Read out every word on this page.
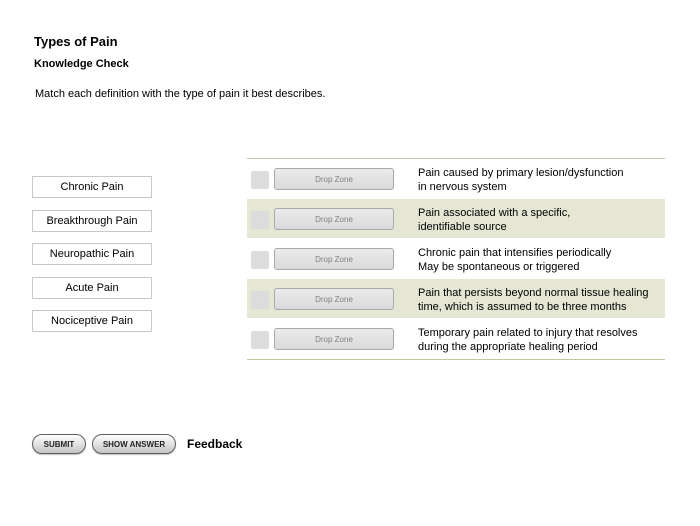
Types of Pain
Knowledge Check
Match each definition with the type of pain it best describes.
Chronic Pain
Breakthrough Pain
Neuropathic Pain
Acute Pain
Nociceptive Pain
Drop Zone	Pain caused by primary lesion/dysfunction
in nervous system
Drop Zone	Pain associated with a specific,
identifiable source
Drop Zone	Chronic pain that intensifies periodically
May be spontaneous or triggered
Drop Zone	Pain that persists beyond normal tissue healing
time, which is assumed to be three months
Drop Zone	Temporary pain related to injury that resolves
during the appropriate healing period
SUBMIT	SHOW ANSWER	Feedback
